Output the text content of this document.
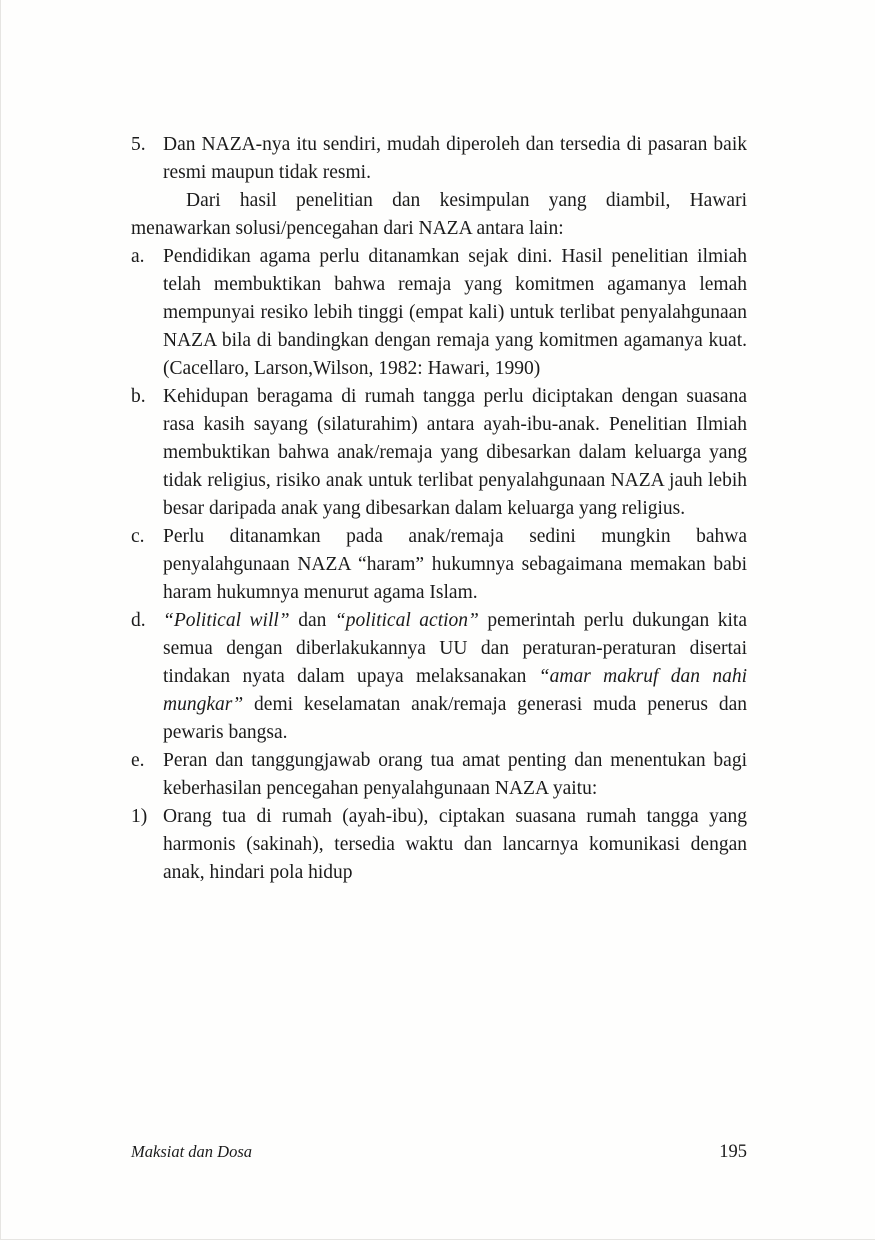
5. Dan NAZA-nya itu sendiri, mudah diperoleh dan tersedia di pasaran baik resmi maupun tidak resmi.

Dari hasil penelitian dan kesimpulan yang diambil, Hawari menawarkan solusi/pencegahan dari NAZA antara lain:

a. Pendidikan agama perlu ditanamkan sejak dini. Hasil penelitian ilmiah telah membuktikan bahwa remaja yang komitmen agamanya lemah mempunyai resiko lebih tinggi (empat kali) untuk terlibat penyalahgunaan NAZA bila di bandingkan dengan remaja yang komitmen agamanya kuat. (Cacellaro, Larson,Wilson, 1982: Hawari, 1990)
b. Kehidupan beragama di rumah tangga perlu diciptakan dengan suasana rasa kasih sayang (silaturahim) antara ayah-ibu-anak. Penelitian Ilmiah membuktikan bahwa anak/remaja yang dibesarkan dalam keluarga yang tidak religius, risiko anak untuk terlibat penyalahgunaan NAZA jauh lebih besar daripada anak yang dibesarkan dalam keluarga yang religius.
c. Perlu ditanamkan pada anak/remaja sedini mungkin bahwa penyalahgunaan NAZA “haram” hukumnya sebagaimana memakan babi haram hukumnya menurut agama Islam.
d. “Political will” dan “political action” pemerintah perlu dukungan kita semua dengan diberlakukannya UU dan peraturan-peraturan disertai tindakan nyata dalam upaya melaksanakan “amar makruf dan nahi mungkar” demi keselamatan anak/remaja generasi muda penerus dan pewaris bangsa.
e. Peran dan tanggungjawab orang tua amat penting dan menentukan bagi keberhasilan pencegahan penyalahgunaan NAZA yaitu:
1) Orang tua di rumah (ayah-ibu), ciptakan suasana rumah tangga yang harmonis (sakinah), tersedia waktu dan lancarnya komunikasi dengan anak, hindari pola hidup
Maksiat dan Dosa	195
